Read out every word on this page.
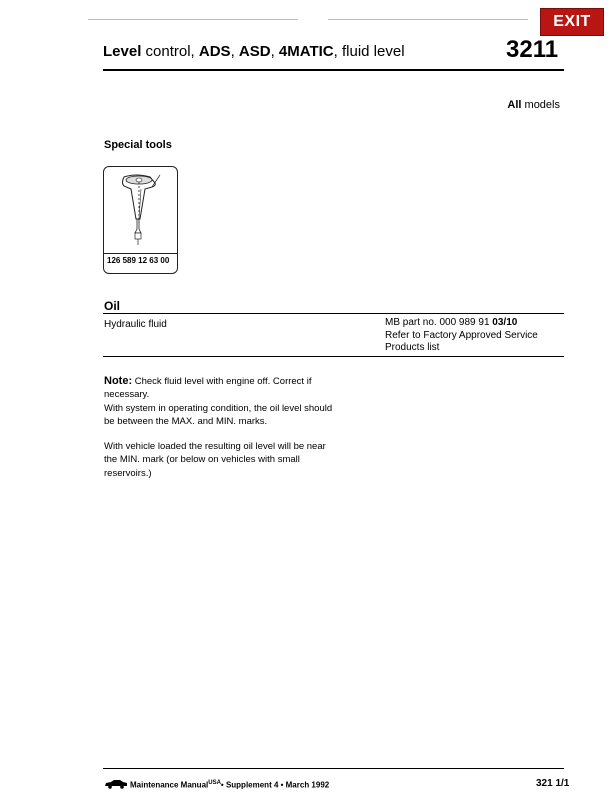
EXIT
Level control, ADS, ASD, 4MATIC, fluid level	3211
All models
Special tools
126 589 12 63 00
Oil
Hydraulic fluid	MB part no. 000 989 91 03/10
Refer to Factory Approved Service
Products list

Note: Check fluid level with engine off. Correct if necessary.

With system in operating condition, the oil level should be between the MAX. and MIN. marks.

With vehicle loaded the resulting oil level will be near the MIN. mark (or below on vehicles with small reservoirs.)

Maintenance Manual$^{USA}$• Supplement 4 • March 1992	321 1/1
